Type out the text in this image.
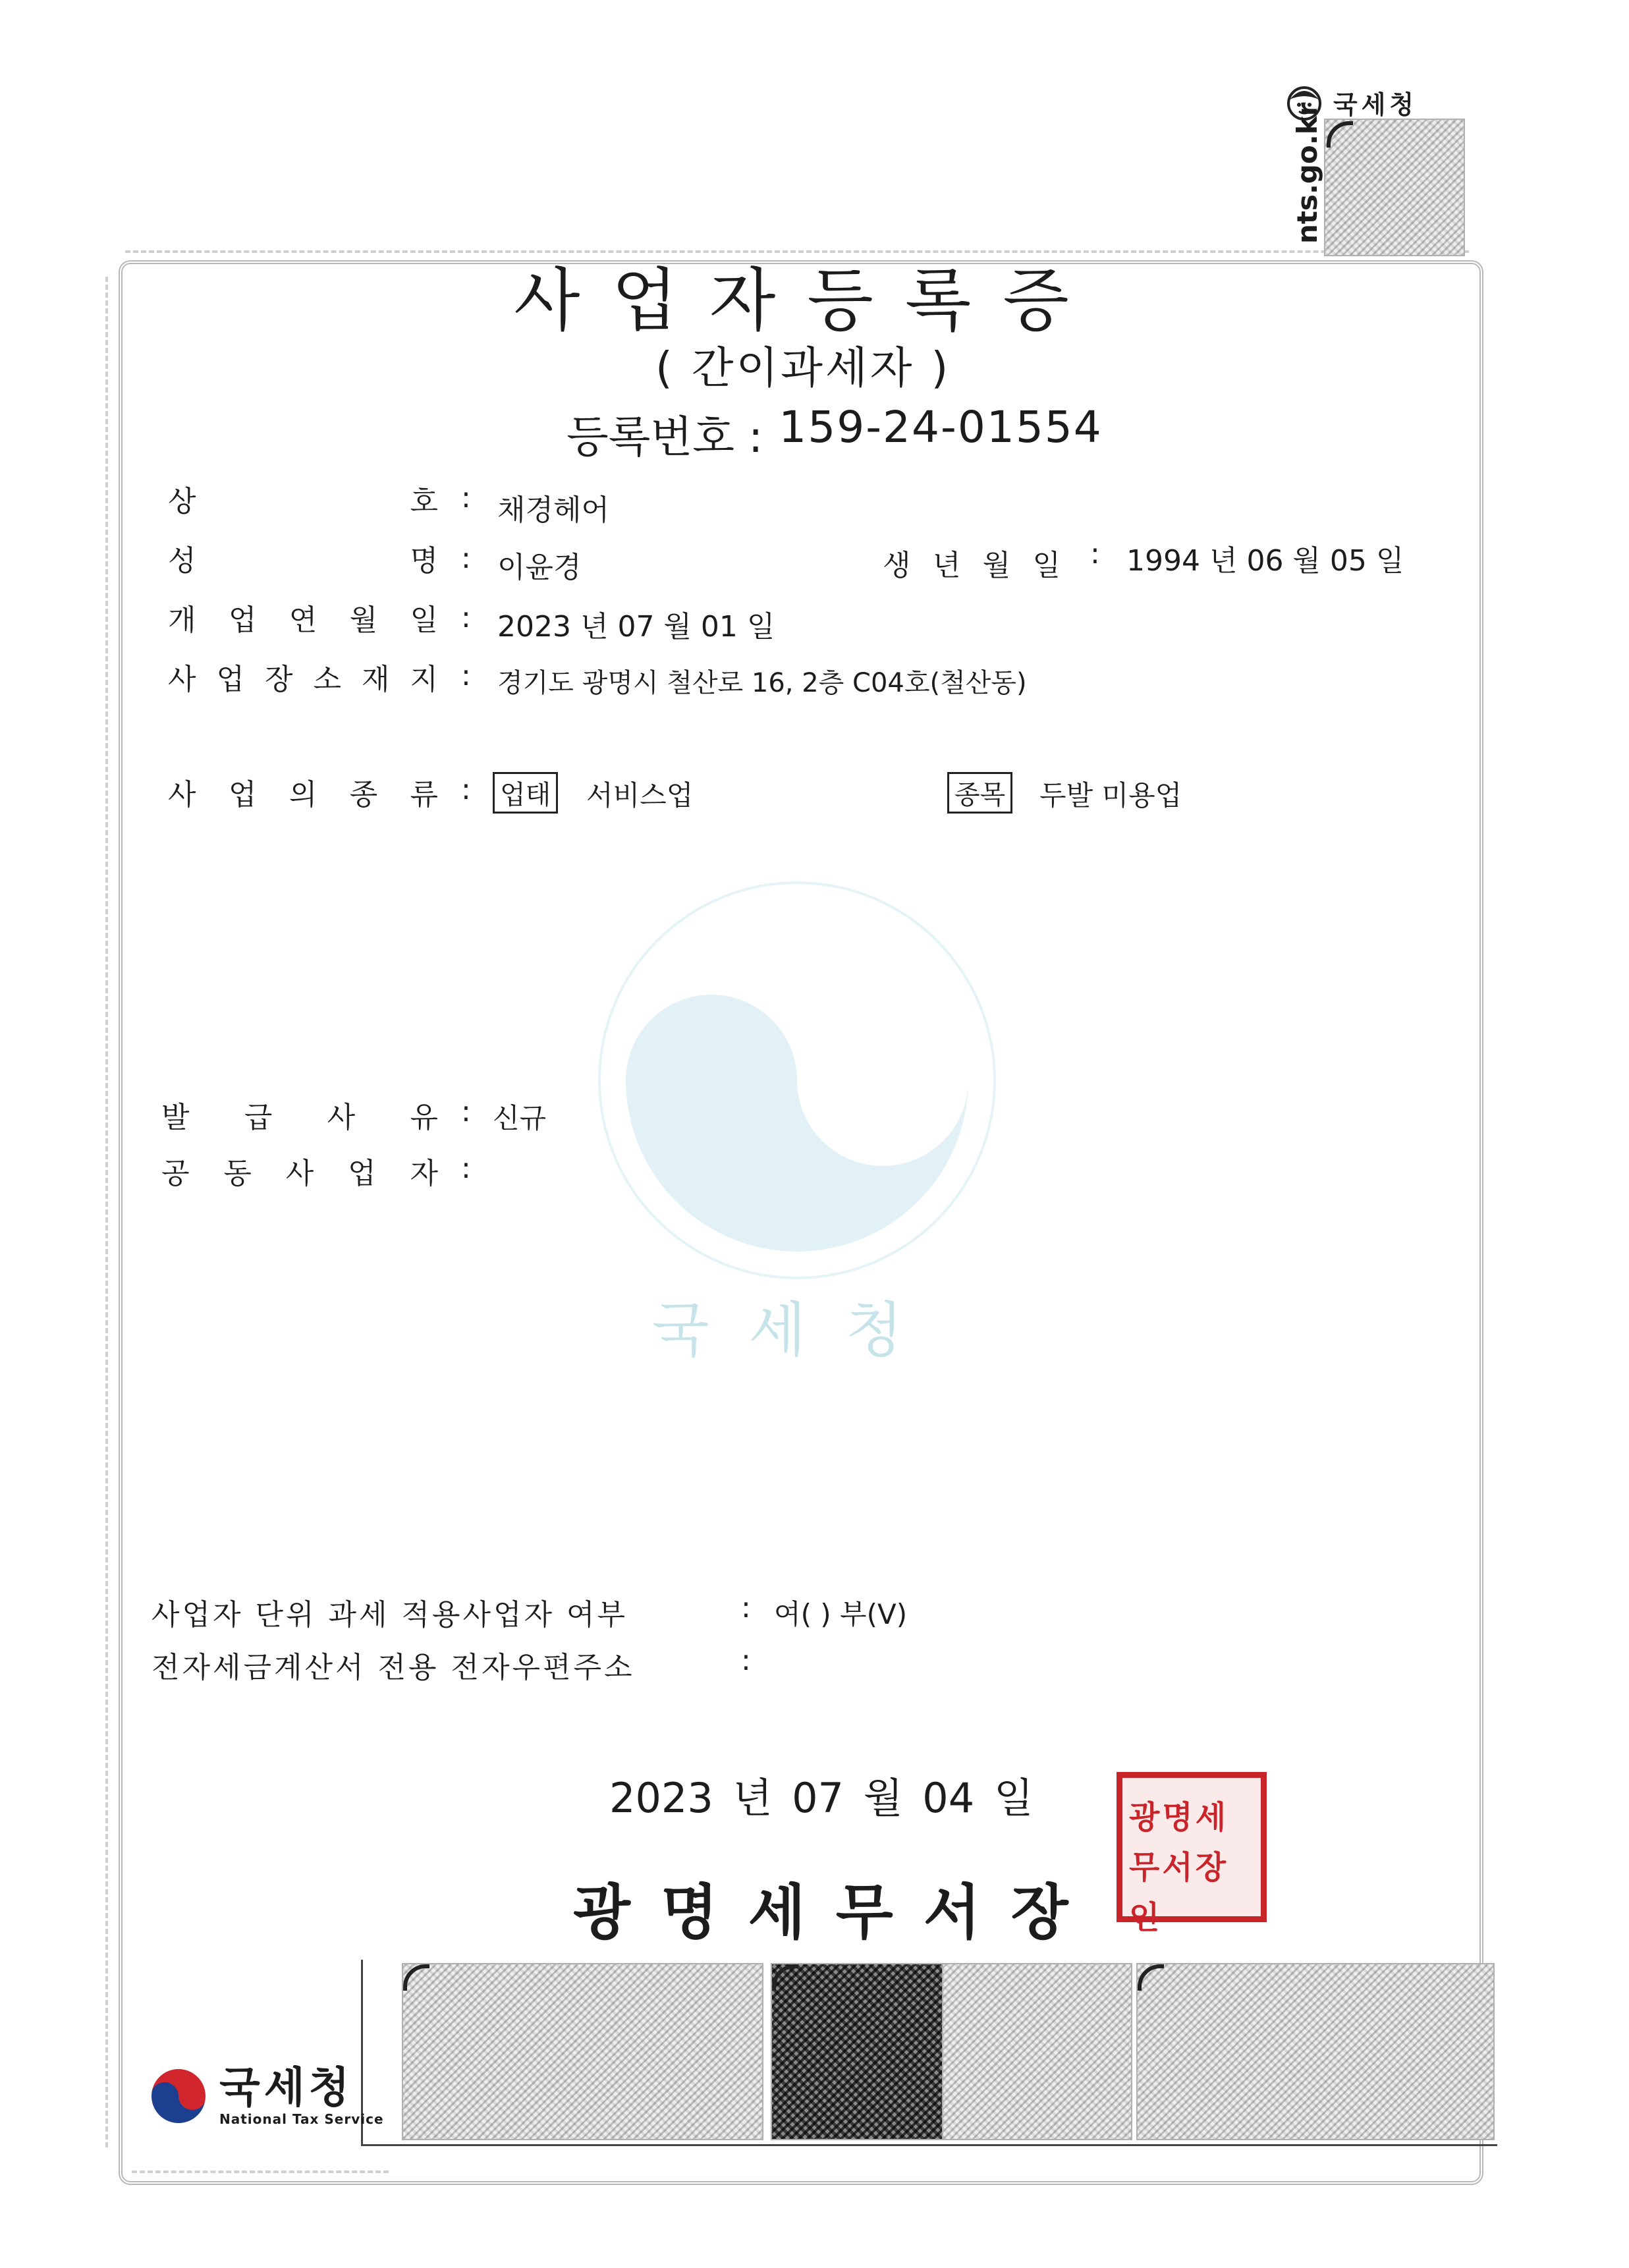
국세청
국세청
nts.go.kr
사업자등록증
( 간이과세자 )
등록번호 : 159-24-01554
상	호 : 채경헤어
성	명 : 이윤경	생 년 월 일 : 1994 년 06 월 05 일
개 업 연 월 일 : 2023 년 07 월 01 일
사 업 장 소 재 지 : 경기도 광명시 철산로 16, 2층 C04호(철산동)
사 업 의 종 류 : 업태 서비스업	종목 두발 미용업
발 급 사 유 : 신규
공 동 사 업 자 :
사업자 단위 과세 적용사업자 여부	: 여( ) 부(V)
전자세금계산서 전용 전자우편주소	:
2023 년 07 월 04 일
광명세무서장
광명세무서장인
국세청
National Tax Service
